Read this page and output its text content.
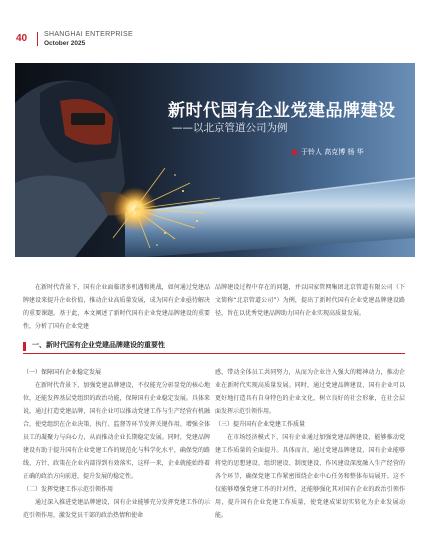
40 SHANGHAI ENTERPRISE
October 2025
新时代国有企业党建品牌建设
——以北京管道公司为例
于铃人 高克博 杨 华

在新时代背景下，国有企业面临诸多机遇和挑战，如何通过党建品牌建设来提升企业价值，推动企业高质量发展，成为国有企业亟待解决的重要课题。基于此，本文阐述了新时代国有企业党建品牌建设的重要性，分析了国有企业党建

品牌建设过程中存在的问题，并以国家管网集团北京管道有限公司（下文简称“北京管道公司”）为例，提出了新时代国有企业党建品牌建设路径，旨在以优秀党建品牌助力国有企业实现高质量发展。

一、新时代国有企业党建品牌建设的重要性

（一）保障国有企业稳定发展

在新时代背景下，加强党建品牌建设，不仅能充分彰显党的核心地位，还能发挥基层党组织的政治功能，保障国有企业稳定发展。具体来说，通过打造党建品牌，国有企业可以推动党建工作与生产经营有机融合，使党组织在企业决策、执行、监督等环节发挥关键作用，增强全体员工的凝聚力与向心力，从而推动企业长期稳定发展。同时，党建品牌建设有助于提升国有企业党建工作的规范化与科学化水平，确保党的路线、方针、政策在企业内部得到有效落实，这样一来，企业就能始终着正确的政治方向前进，提升发展的稳定性。

（二）发挥党建工作示范引领作用

通过深入推进党建品牌建设，国有企业能够充分发挥党建工作的示范引领作用，激发党员干部的政治热情和使命

感，带动全体员工共同努力，从而为企业注入强大的精神动力，推动企业在新时代实现高质量发展。同时，通过党建品牌建设，国有企业可以更好地打造具有自身特色的企业文化，树立良好的社会形象，在社会层面发挥示范引领作用。

（三）提升国有企业党建工作质量

在市场经济模式下，国有企业通过加强党建品牌建设，能够推动党建工作质量的全面提升。具体而言，通过党建品牌建设，国有企业能够将党的思想建设、组织建设、制度建设、作风建设深度融入生产经营的各个环节，确保党建工作紧密围绕企业中心任务和整体布局展开。这不仅能够增强党建工作的针对性，还能够强化其对国有企业的政治引领作用，提升国有企业党建工作质量，使党建成果切实转化为企业发展动能。
